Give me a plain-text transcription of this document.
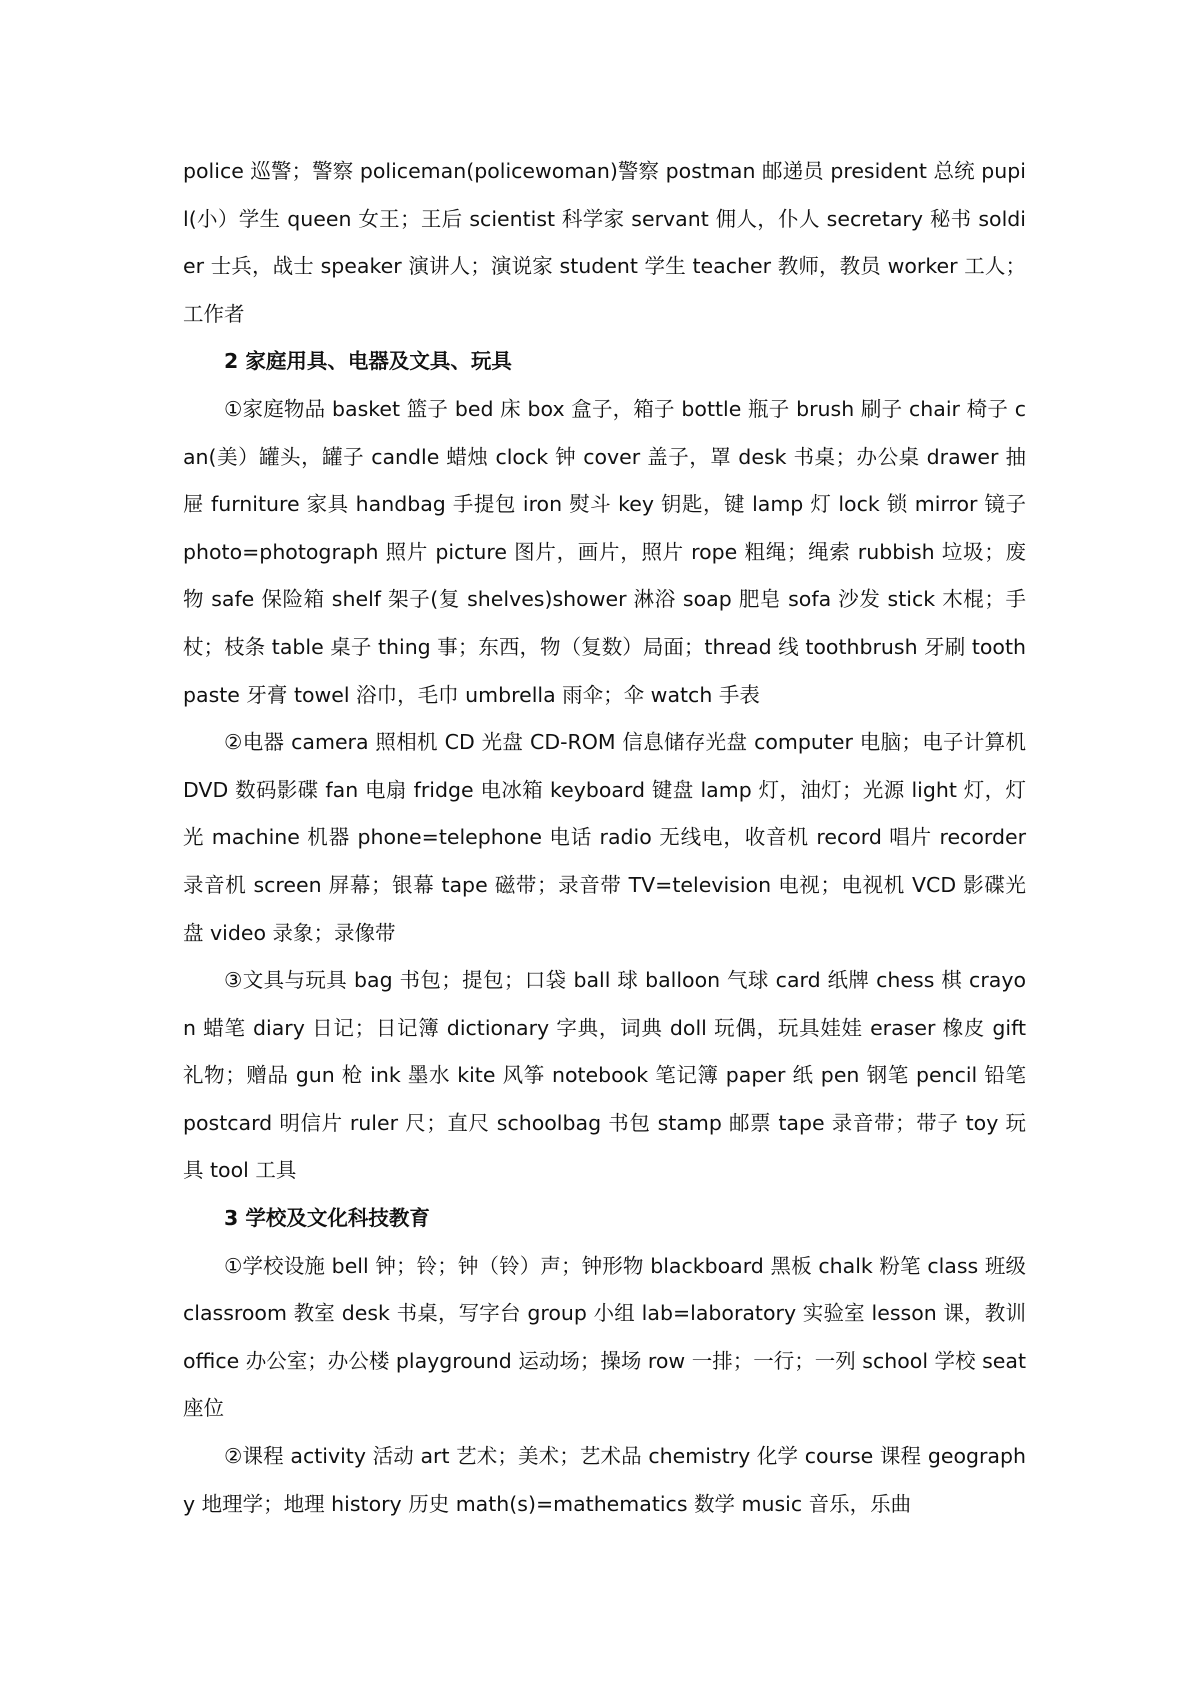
police 巡警；警察 policeman(policewoman)警察 postman 邮递员 president 总统 pupil(小）学生 queen 女王；王后 scientist 科学家 servant 佣人，仆人 secretary 秘书 soldier 士兵，战士 speaker 演讲人；演说家 student 学生 teacher 教师，教员 worker 工人；工作者

2 家庭用具、电器及文具、玩具

①家庭物品 basket 篮子 bed 床 box 盒子，箱子 bottle 瓶子 brush 刷子 chair 椅子 can(美）罐头，罐子 candle 蜡烛 clock 钟 cover 盖子，罩 desk 书桌；办公桌 drawer 抽屉 furniture 家具 handbag 手提包 iron 熨斗 key 钥匙，键 lamp 灯 lock 锁 mirror 镜子 photo=photograph 照片 picture 图片，画片，照片 rope 粗绳；绳索 rubbish 垃圾；废物 safe 保险箱 shelf 架子(复 shelves)shower 淋浴 soap 肥皂 sofa 沙发 stick 木棍；手杖；枝条 table 桌子 thing 事；东西，物（复数）局面；thread 线 toothbrush 牙刷 toothpaste 牙膏 towel 浴巾，毛巾 umbrella 雨伞；伞 watch 手表

②电器 camera 照相机 CD 光盘 CD-ROM 信息储存光盘 computer 电脑；电子计算机 DVD 数码影碟 fan 电扇 fridge 电冰箱 keyboard 键盘 lamp 灯，油灯；光源 light 灯，灯光 machine 机器 phone=telephone 电话 radio 无线电，收音机 record 唱片 recorder 录音机 screen 屏幕；银幕 tape 磁带；录音带 TV=television 电视；电视机 VCD 影碟光盘 video 录象；录像带

③文具与玩具 bag 书包；提包；口袋 ball 球 balloon 气球 card 纸牌 chess 棋 crayon 蜡笔 diary 日记；日记簿 dictionary 字典，词典 doll 玩偶，玩具娃娃 eraser 橡皮 gift 礼物；赠品 gun 枪 ink 墨水 kite 风筝 notebook 笔记簿 paper 纸 pen 钢笔 pencil 铅笔 postcard 明信片 ruler 尺；直尺 schoolbag 书包 stamp 邮票 tape 录音带；带子 toy 玩具 tool 工具

3 学校及文化科技教育

①学校设施 bell 钟；铃；钟（铃）声；钟形物 blackboard 黑板 chalk 粉笔 class 班级 classroom 教室 desk 书桌，写字台 group 小组 lab=laboratory 实验室 lesson 课，教训 office 办公室；办公楼 playground 运动场；操场 row 一排；一行；一列 school 学校 seat 座位

②课程 activity 活动 art 艺术；美术；艺术品 chemistry 化学 course 课程 geography 地理学；地理 history 历史 math(s)=mathematics 数学 music 音乐，乐曲
